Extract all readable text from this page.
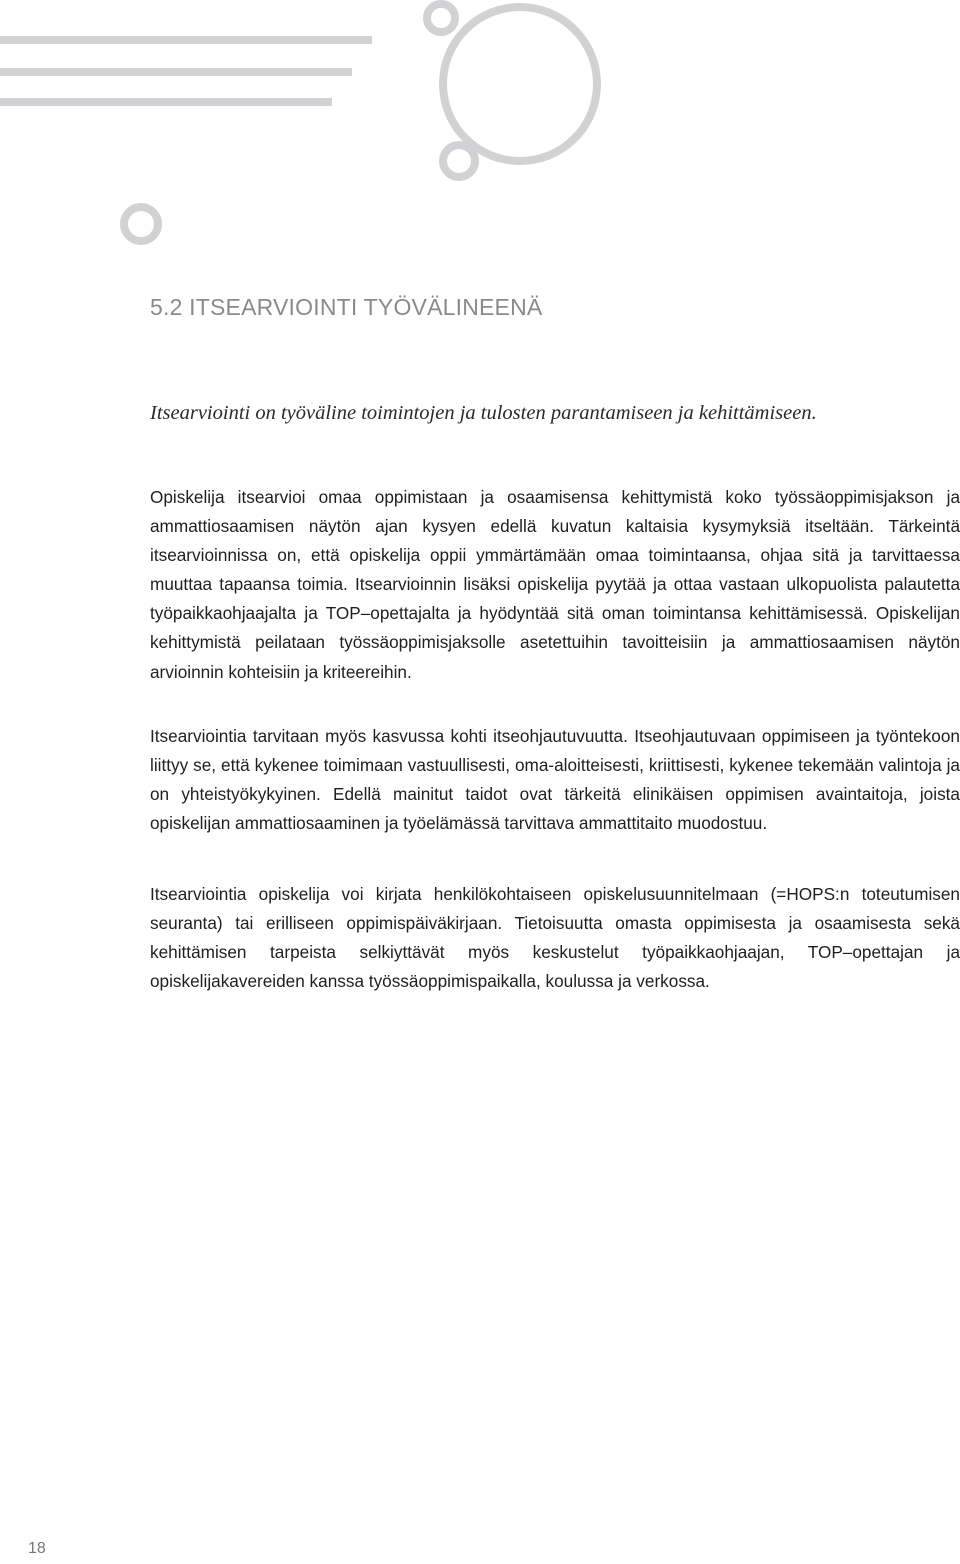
5.2 ITSEARVIOINTI TYÖVÄLINEENÄ

Itsearviointi on työväline toimintojen ja tulosten parantamiseen ja kehittämiseen.

Opiskelija itsearvioi omaa oppimistaan ja osaamisensa kehittymistä koko työssäoppimisjakson ja ammattiosaamisen näytön ajan kysyen edellä kuvatun kaltaisia kysymyksiä itseltään. Tärkeintä itsearvioinnissa on, että opiskelija oppii ymmärtämään omaa toimintaansa, ohjaa sitä ja tarvittaessa muuttaa tapaansa toimia. Itsearvioinnin lisäksi opiskelija pyytää ja ottaa vastaan ulkopuolista palautetta työpaikkaohjaajalta ja TOP–opettajalta ja hyödyntää sitä oman toimintansa kehittämisessä. Opiskelijan kehittymistä peilataan työssäoppimisjaksolle asetettuihin tavoitteisiin ja ammattiosaamisen näytön arvioinnin kohteisiin ja kriteereihin.

Itsearviointia tarvitaan myös kasvussa kohti itseohjautuvuutta. Itseohjautuvaan oppimiseen ja työntekoon liittyy se, että kykenee toimimaan vastuullisesti, oma-aloitteisesti, kriittisesti, kykenee tekemään valintoja ja on yhteistyökykyinen. Edellä mainitut taidot ovat tärkeitä elinikäisen oppimisen avaintaitoja, joista opiskelijan ammattiosaaminen ja työelämässä tarvittava ammattitaito muodostuu.

Itsearviointia opiskelija voi kirjata henkilökohtaiseen opiskelusuunnitelmaan (=HOPS:n toteutumisen seuranta) tai erilliseen oppimispäiväkirjaan. Tietoisuutta omasta oppimisesta ja osaamisesta sekä kehittämisen tarpeista selkiyttävät myös keskustelut työpaikkaohjaajan, TOP–opettajan ja opiskelijakavereiden kanssa työssäoppimispaikalla, koulussa ja verkossa.

18
